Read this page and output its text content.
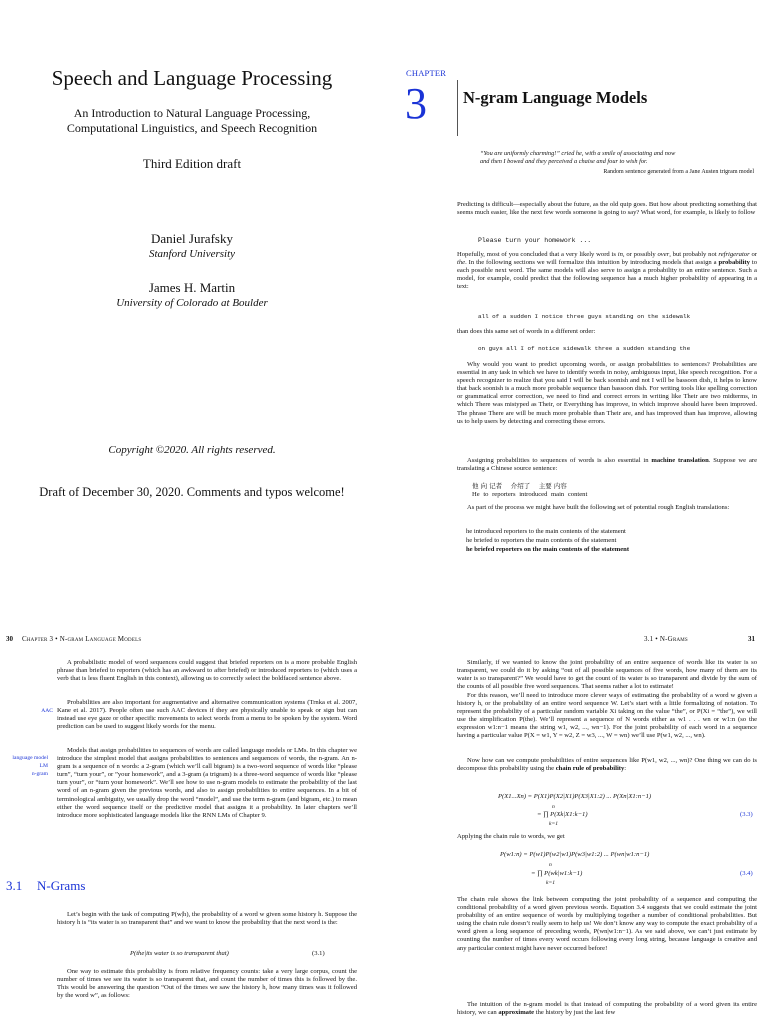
Speech and Language Processing
An Introduction to Natural Language Processing,
Computational Linguistics, and Speech Recognition
Third Edition draft
Daniel Jurafsky
Stanford University
James H. Martin
University of Colorado at Boulder
Copyright ©2020. All rights reserved.
Draft of December 30, 2020. Comments and typos welcome!
CHAPTER
3 N-gram Language Models
“You are uniformly charming!” cried he, with a smile of associating and now
and then I bowed and they perceived a chaise and four to wish for.
Random sentence generated from a Jane Austen trigram model

Predicting is difficult—especially about the future, as the old quip goes. But how about predicting something that seems much easier, like the next few words someone is going to say? What word, for example, is likely to follow

Please turn your homework ...

Hopefully, most of you concluded that a very likely word is in, or possibly over, but probably not refrigerator or the. In the following sections we will formalize this intuition by introducing models that assign a probability to each possible next word. The same models will also serve to assign a probability to an entire sentence. Such a model, for example, could predict that the following sequence has a much higher probability of appearing in a text:

all of a sudden I notice three guys standing on the sidewalk
than does this same set of words in a different order:
on guys all I of notice sidewalk three a sudden standing the

Why would you want to predict upcoming words, or assign probabilities to sentences? Probabilities are essential in any task in which we have to identify words in noisy, ambiguous input, like speech recognition. For a speech recognizer to realize that you said I will be back soonish and not I will be bassoon dish, it helps to know that back soonish is a much more probable sequence than bassoon dish. For writing tools like spelling correction or grammatical error correction, we need to find and correct errors in writing like Their are two midterms, in which There was mistyped as Their, or Everything has improve, in which improve should have been improved. The phrase There are will be much more probable than Their are, and has improved than has improve, allowing us to help users by detecting and correcting these errors.

Assigning probabilities to sequences of words is also essential in machine translation. Suppose we are translating a Chinese source sentence:

他 向 记者　 介绍了　 主要 内容
He to reporters introduced main content

As part of the process we might have built the following set of potential rough English translations:

he introduced reporters to the main contents of the statement
he briefed to reporters the main contents of the statement
he briefed reporters on the main contents of the statement
30 Chapter 3 • N-gram Language Models

A probabilistic model of word sequences could suggest that briefed reporters on is a more probable English phrase than briefed to reporters (which has an awkward to after briefed) or introduced reporters to (which uses a verb that is less fluent English in this context), allowing us to correctly select the boldfaced sentence above.

AAC

Probabilities are also important for augmentative and alternative communication systems (Trnka et al. 2007, Kane et al. 2017). People often use such AAC devices if they are physically unable to speak or sign but can instead use eye gaze or other specific movements to select words from a menu to be spoken by the system. Word prediction can be used to suggest likely words for the menu.

language model
LM
n-gram

Models that assign probabilities to sequences of words are called language models or LMs. In this chapter we introduce the simplest model that assigns probabilities to sentences and sequences of words, the n-gram. An n-gram is a sequence of n words: a 2-gram (which we’ll call bigram) is a two-word sequence of words like “please turn”, “turn your”, or ”your homework”, and a 3-gram (a trigram) is a three-word sequence of words like “please turn your”, or “turn your homework”. We’ll see how to use n-gram models to estimate the probability of the last word of an n-gram given the previous words, and also to assign probabilities to entire sequences. In a bit of terminological ambiguity, we usually drop the word “model”, and use the term n-gram (and bigram, etc.) to mean either the word sequence itself or the predictive model that assigns it a probability. In later chapters we’ll introduce more sophisticated language models like the RNN LMs of Chapter 9.

3.1 N-Grams

Let’s begin with the task of computing P(w|h), the probability of a word w given some history h. Suppose the history h is “its water is so transparent that” and we want to know the probability that the next word is the:

P(the|its water is so transparent that)	(3.1)

One way to estimate this probability is from relative frequency counts: take a very large corpus, count the number of times we see its water is so transparent that, and count the number of times this is followed by the. This would be answering the question “Out of the times we saw the history h, how many times was it followed by the word w”, as follows:

3.1 • N-Grams	31

Similarly, if we wanted to know the joint probability of an entire sequence of words like its water is so transparent, we could do it by asking “out of all possible sequences of five words, how many of them are its water is so transparent?” We would have to get the count of its water is so transparent and divide by the sum of the counts of all possible five word sequences. That seems rather a lot to estimate!

For this reason, we’ll need to introduce more clever ways of estimating the probability of a word w given a history h, or the probability of an entire word sequence W. Let’s start with a little formalizing of notation. To represent the probability of a particular random variable Xi taking on the value “the”, or P(Xi = “the”), we will use the simplification P(the). We’ll represent a sequence of N words either as w1 . . . wn or w1:n (so the expression w1:n−1 means the string w1, w2, ..., wn−1). For the joint probability of each word in a sequence having a particular value P(X = w1, Y = w2, Z = w3, ..., W = wn) we’ll use P(w1, w2, ..., wn).

Now how can we compute probabilities of entire sequences like P(w1, w2, ..., wn)? One thing we can do is decompose this probability using the chain rule of probability:

P(X1...Xn) = P(X1)P(X2|X1)P(X3|X1:2) ... P(Xn|X1:n−1)
n
= ∏ P(Xk|X1:k−1)
k=1
(3.3)
Applying the chain rule to words, we get
P(w1:n) = P(w1)P(w2|w1)P(w3|w1:2) ... P(wn|w1:n−1)
n
= ∏ P(wk|w1:k−1)
k=1
(3.4)

The chain rule shows the link between computing the joint probability of a sequence and computing the conditional probability of a word given previous words. Equation 3.4 suggests that we could estimate the joint probability of an entire sequence of words by multiplying together a number of conditional probabilities. But using the chain rule doesn’t really seem to help us! We don’t know any way to compute the exact probability of a word given a long sequence of preceding words, P(wn|w1:n−1). As we said above, we can’t just estimate by counting the number of times every word occurs following every long string, because language is creative and any particular context might have never occurred before!

The intuition of the n-gram model is that instead of computing the probability of a word given its entire history, we can approximate the history by just the last few
